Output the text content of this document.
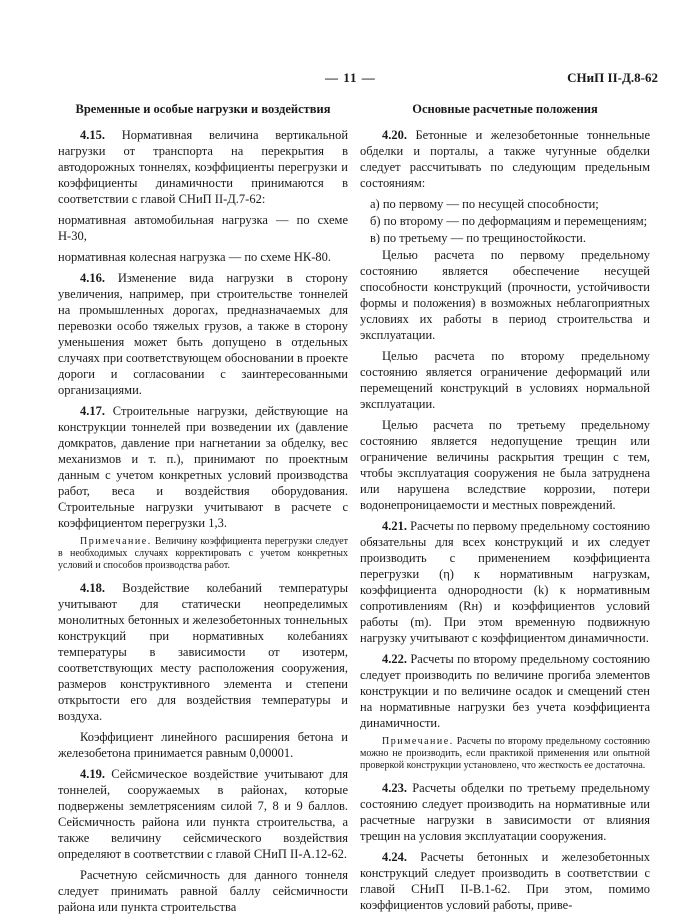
— 11 —	СНиП II-Д.8-62
Временные и особые нагрузки и воздействия

4.15. Нормативная величина вертикальной нагрузки от транспорта на перекрытия в автодорожных тоннелях, коэффициенты перегрузки и коэффициенты динамичности принимаются в соответствии с главой СНиП II-Д.7-62:

нормативная автомобильная нагрузка — по схеме Н-30,

нормативная колесная нагрузка — по схеме НК-80.

4.16. Изменение вида нагрузки в сторону увеличения, например, при строительстве тоннелей на промышленных дорогах, предназначаемых для перевозки особо тяжелых грузов, а также в сторону уменьшения может быть допущено в отдельных случаях при соответствующем обосновании в проекте дороги и согласовании с заинтересованными организациями.

4.17. Строительные нагрузки, действующие на конструкции тоннелей при возведении их (давление домкратов, давление при нагнетании за обделку, вес механизмов и т. п.), принимают по проектным данным с учетом конкретных условий производства работ, веса и воздействия оборудования. Строительные нагрузки учитывают в расчете с коэффициентом перегрузки 1,3.

Примечание. Величину коэффициента перегрузки следует в необходимых случаях корректировать с учетом конкретных условий и способов производства работ.

4.18. Воздействие колебаний температуры учитывают для статически неопределимых монолитных бетонных и железобетонных тоннельных конструкций при нормативных колебаниях температуры в зависимости от изотерм, соответствующих месту расположения сооружения, размеров конструктивного элемента и степени открытости его для воздействия температуры и воздуха.

Коэффициент линейного расширения бетона и железобетона принимается равным 0,00001.

4.19. Сейсмическое воздействие учитывают для тоннелей, сооружаемых в районах, которые подвержены землетрясениям силой 7, 8 и 9 баллов. Сейсмичность района или пункта строительства, а также величину сейсмического воздействия определяют в соответствии с главой СНиП II-А.12-62.

Расчетную сейсмичность для данного тоннеля следует принимать равной баллу сейсмичности района или пункта строительства

Основные расчетные положения

4.20. Бетонные и железобетонные тоннельные обделки и порталы, а также чугунные обделки следует рассчитывать по следующим предельным состояниям:

а) по первому — по несущей способности;

б) по второму — по деформациям и перемещениям;

в) по третьему — по трещиностойкости.

Целью расчета по первому предельному состоянию является обеспечение несущей способности конструкций (прочности, устойчивости формы и положения) в возможных неблагоприятных условиях их работы в период строительства и эксплуатации.

Целью расчета по второму предельному состоянию является ограничение деформаций или перемещений конструкций в условиях нормальной эксплуатации.

Целью расчета по третьему предельному состоянию является недопущение трещин или ограничение величины раскрытия трещин с тем, чтобы эксплуатация сооружения не была затруднена или нарушена вследствие коррозии, потери водонепроницаемости и местных повреждений.

4.21. Расчеты по первому предельному состоянию обязательны для всех конструкций и их следует производить с применением коэффициента перегрузки (η) к нормативным нагрузкам, коэффициента однородности (k) к нормативным сопротивлениям (Rн) и коэффициентов условий работы (m). При этом временную подвижную нагрузку учитывают с коэффициентом динамичности.

4.22. Расчеты по второму предельному состоянию следует производить по величине прогиба элементов конструкции и по величине осадок и смещений стен на нормативные нагрузки без учета коэффициента динамичности.

Примечание. Расчеты по второму предельному состоянию можно не производить, если практикой применения или опытной проверкой конструкции установлено, что жесткость ее достаточна.

4.23. Расчеты обделки по третьему предельному состоянию следует производить на нормативные или расчетные нагрузки в зависимости от влияния трещин на условия эксплуатации сооружения.

4.24. Расчеты бетонных и железобетонных конструкций следует производить в соответствии с главой СНиП II-В.1-62. При этом, помимо коэффициентов условий работы, приве-
